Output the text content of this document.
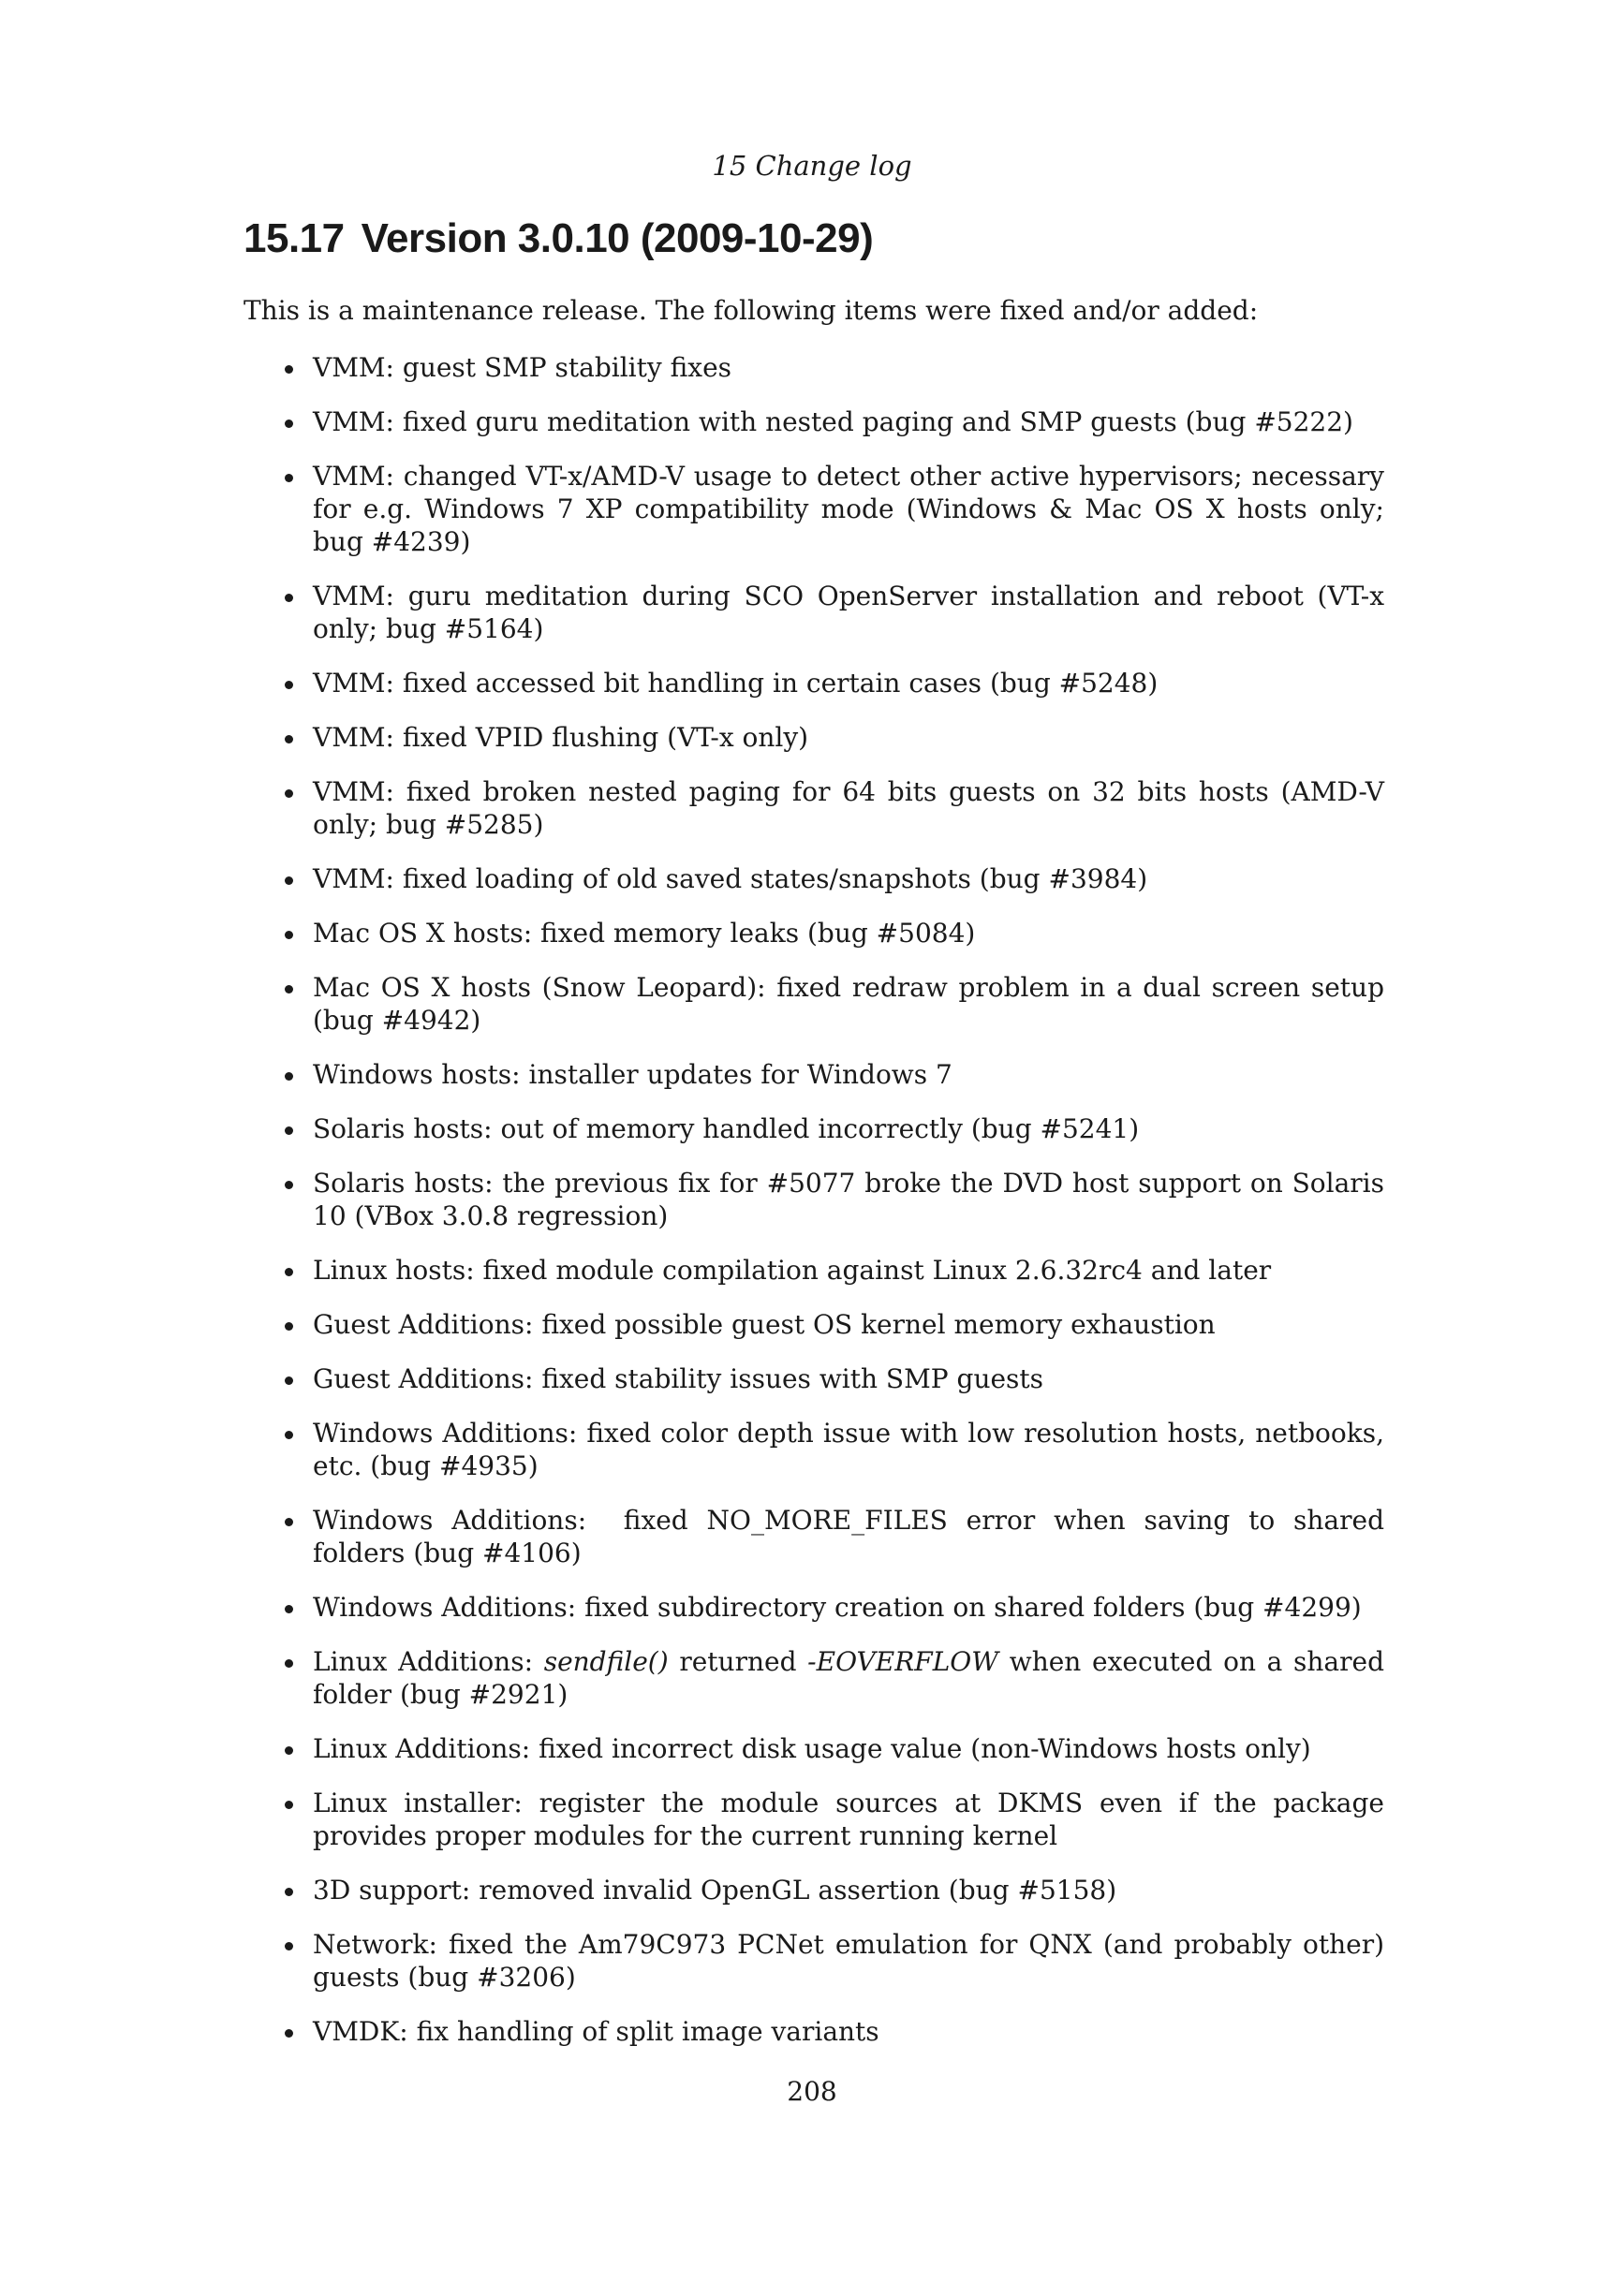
15 Change log
15.17 Version 3.0.10 (2009-10-29)

This is a maintenance release. The following items were fixed and/or added:

VMM: guest SMP stability fixes
VMM: fixed guru meditation with nested paging and SMP guests (bug #5222)
VMM: changed VT-x/AMD-V usage to detect other active hypervisors; necessary for e.g. Windows 7 XP compatibility mode (Windows & Mac OS X hosts only; bug #4239)
VMM: guru meditation during SCO OpenServer installation and reboot (VT-x only; bug #5164)
VMM: fixed accessed bit handling in certain cases (bug #5248)
VMM: fixed VPID flushing (VT-x only)
VMM: fixed broken nested paging for 64 bits guests on 32 bits hosts (AMD-V only; bug #5285)
VMM: fixed loading of old saved states/snapshots (bug #3984)
Mac OS X hosts: fixed memory leaks (bug #5084)
Mac OS X hosts (Snow Leopard): fixed redraw problem in a dual screen setup (bug #4942)
Windows hosts: installer updates for Windows 7
Solaris hosts: out of memory handled incorrectly (bug #5241)
Solaris hosts: the previous fix for #5077 broke the DVD host support on Solaris 10 (VBox 3.0.8 regression)
Linux hosts: fixed module compilation against Linux 2.6.32rc4 and later
Guest Additions: fixed possible guest OS kernel memory exhaustion
Guest Additions: fixed stability issues with SMP guests
Windows Additions: fixed color depth issue with low resolution hosts, netbooks, etc. (bug #4935)
Windows Additions:  fixed NO_MORE_FILES error when saving to shared folders (bug #4106)
Windows Additions: fixed subdirectory creation on shared folders (bug #4299)
Linux Additions: sendfile() returned -EOVERFLOW when executed on a shared folder (bug #2921)
Linux Additions: fixed incorrect disk usage value (non-Windows hosts only)
Linux installer: register the module sources at DKMS even if the package provides proper modules for the current running kernel
3D support: removed invalid OpenGL assertion (bug #5158)
Network: fixed the Am79C973 PCNet emulation for QNX (and probably other) guests (bug #3206)
VMDK: fix handling of split image variants
208
